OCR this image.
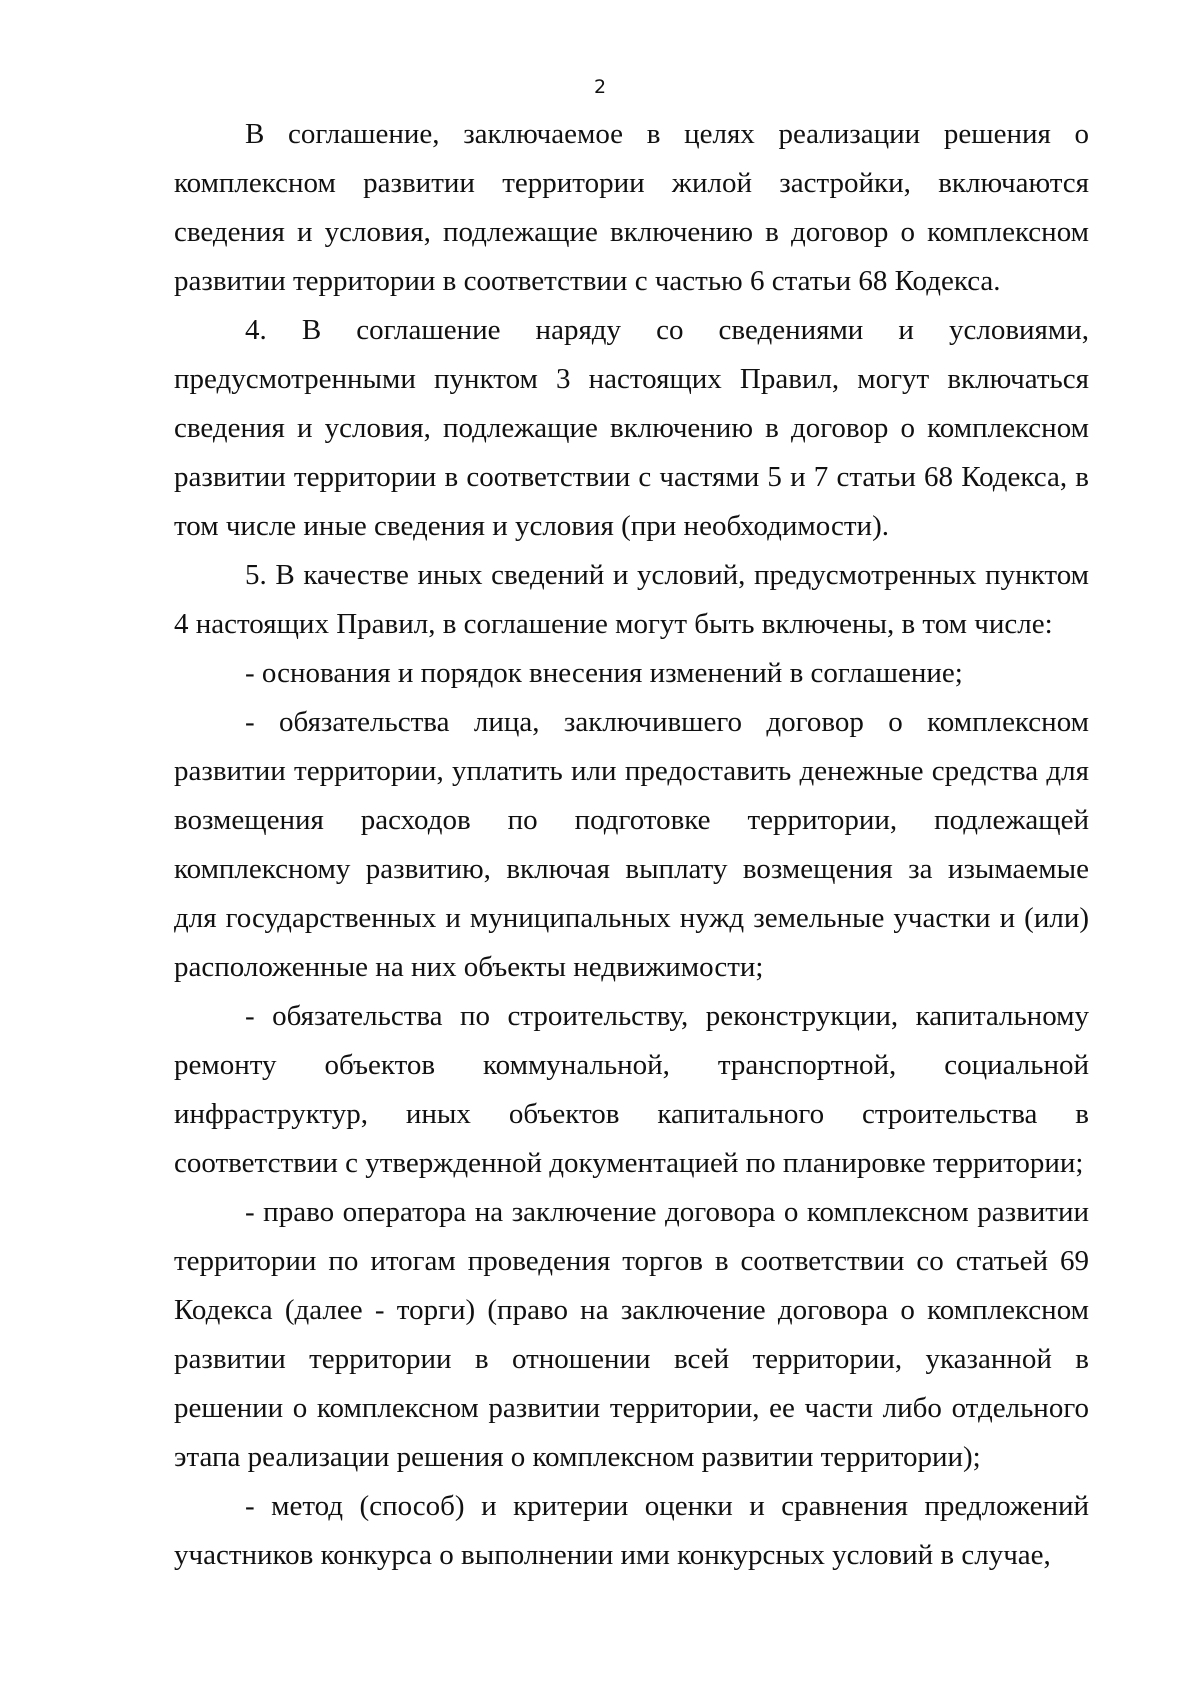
2

В соглашение, заключаемое в целях реализации решения о комплексном развитии территории жилой застройки, включаются сведения и условия, подлежащие включению в договор о комплексном развитии территории в соответствии с частью 6 статьи 68 Кодекса.

4. В соглашение наряду со сведениями и условиями, предусмотренными пунктом 3 настоящих Правил, могут включаться сведения и условия, подлежащие включению в договор о комплексном развитии территории в соответствии с частями 5 и 7 статьи 68 Кодекса, в том числе иные сведения и условия (при необходимости).

5. В качестве иных сведений и условий, предусмотренных пунктом 4 настоящих Правил, в соглашение могут быть включены, в том числе:

- основания и порядок внесения изменений в соглашение;

- обязательства лица, заключившего договор о комплексном развитии территории, уплатить или предоставить денежные средства для возмещения расходов по подготовке территории, подлежащей комплексному развитию, включая выплату возмещения за изымаемые для государственных и муниципальных нужд земельные участки и (или) расположенные на них объекты недвижимости;

- обязательства по строительству, реконструкции, капитальному ремонту объектов коммунальной, транспортной, социальной инфраструктур, иных объектов капитального строительства в соответствии с утвержденной документацией по планировке территории;

- право оператора на заключение договора о комплексном развитии территории по итогам проведения торгов в соответствии со статьей 69 Кодекса (далее - торги) (право на заключение договора о комплексном развитии территории в отношении всей территории, указанной в решении о комплексном развитии территории, ее части либо отдельного этапа реализации решения о комплексном развитии территории);

- метод (способ) и критерии оценки и сравнения предложений участников конкурса о выполнении ими конкурсных условий в случае,
